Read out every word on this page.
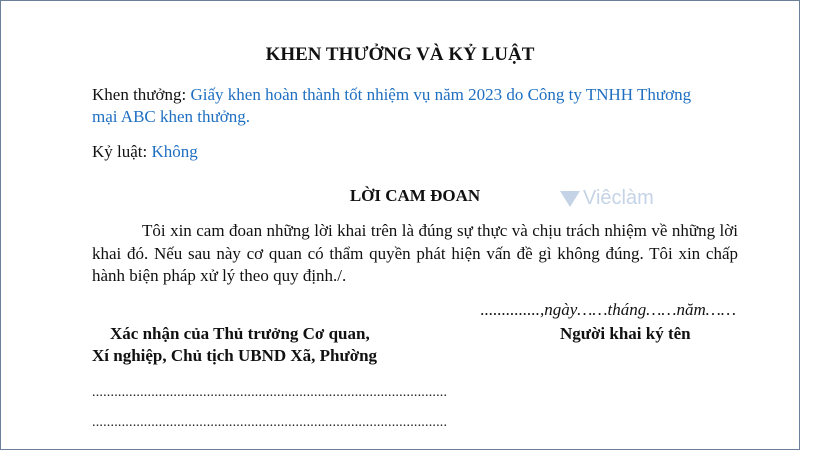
KHEN THƯỞNG VÀ KỶ LUẬT
Khen thưởng: Giấy khen hoàn thành tốt nhiệm vụ năm 2023 do Công ty TNHH Thương
mại ABC khen thưởng.
Kỷ luật: Không
LỜI CAM ĐOAN	Viêclàm
Tôi xin cam đoan những lời khai trên là đúng sự thực và chịu trách nhiệm về những lời khai đó. Nếu sau này cơ quan có thẩm quyền phát hiện vấn đề gì không đúng. Tôi xin chấp hành biện pháp xử lý theo quy định./.
..............,ngày……tháng……năm……
Xác nhận của Thủ trưởng Cơ quan,
Xí nghiệp, Chủ tịch UBND Xã, Phường
Người khai ký tên
................................................................................................
................................................................................................
